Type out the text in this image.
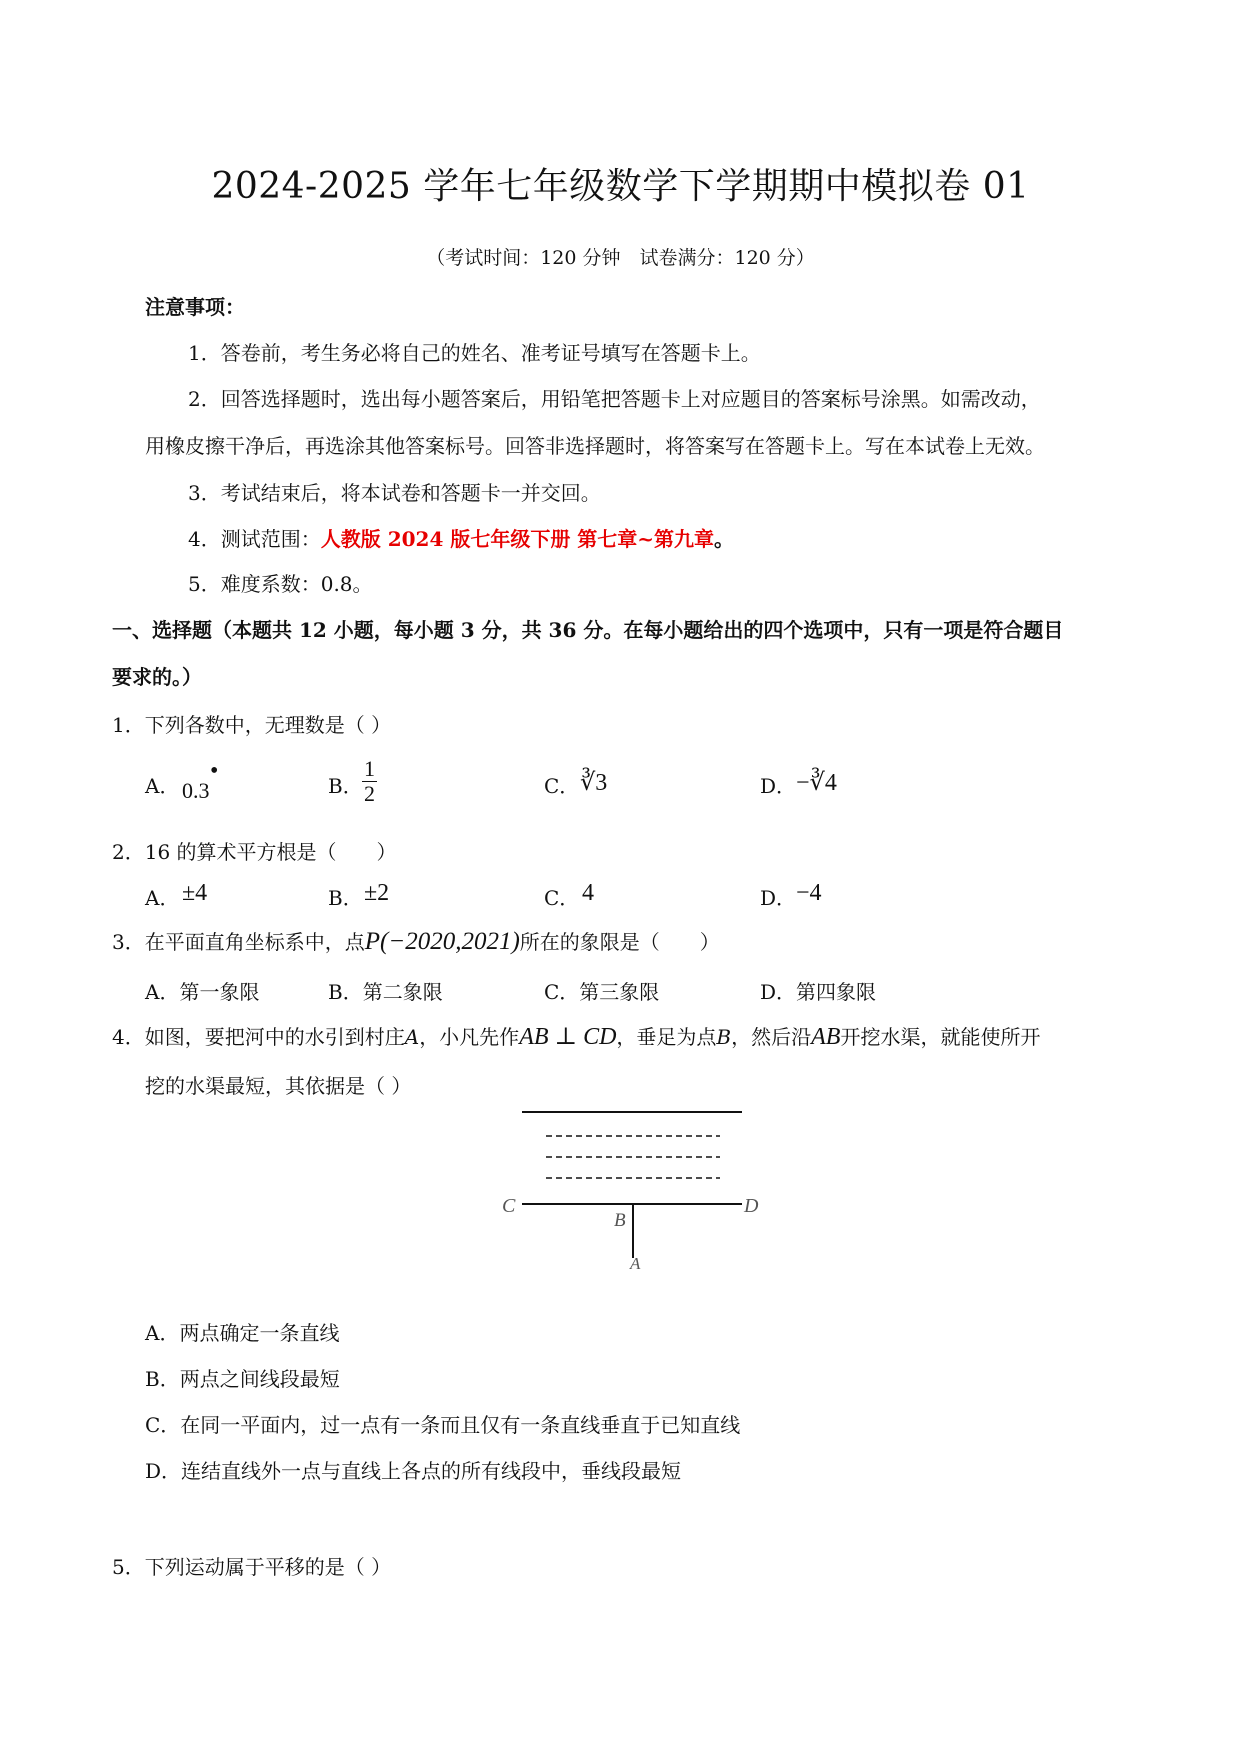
2024-2025 学年七年级数学下学期期中模拟卷 01
（考试时间：120 分钟　试卷满分：120 分）
注意事项：
1．答卷前，考生务必将自己的姓名、准考证号填写在答题卡上。
2．回答选择题时，选出每小题答案后，用铅笔把答题卡上对应题目的答案标号涂黑。如需改动，
用橡皮擦干净后，再选涂其他答案标号。回答非选择题时，将答案写在答题卡上。写在本试卷上无效。
3．考试结束后，将本试卷和答题卡一并交回。
4．测试范围：人教版 2024 版七年级下册 第七章~第九章。
5．难度系数：0.8。
一、选择题（本题共 12 小题，每小题 3 分，共 36 分。在每小题给出的四个选项中，只有一项是符合题目
要求的。）
1．下列各数中，无理数是（ ）
A．
•
0.3	B． $\frac{1}{2}$	C． ∛3	D． −∛4
2．16 的算术平方根是（　　）
A． ±4	B． ±2	C． 4	D． −4
3．在平面直角坐标系中，点P(−2020,2021)所在的象限是（　　）
A．第一象限	B．第二象限	C．第三象限	D．第四象限
4．如图，要把河中的水引到村庄A，小凡先作AB ⊥ CD，垂足为点B，然后沿AB开挖水渠，就能使所开
挖的水渠最短，其依据是（ ）
C	D
B
A
A．两点确定一条直线
B．两点之间线段最短
C．在同一平面内，过一点有一条而且仅有一条直线垂直于已知直线
D．连结直线外一点与直线上各点的所有线段中，垂线段最短
5．下列运动属于平移的是（ ）
